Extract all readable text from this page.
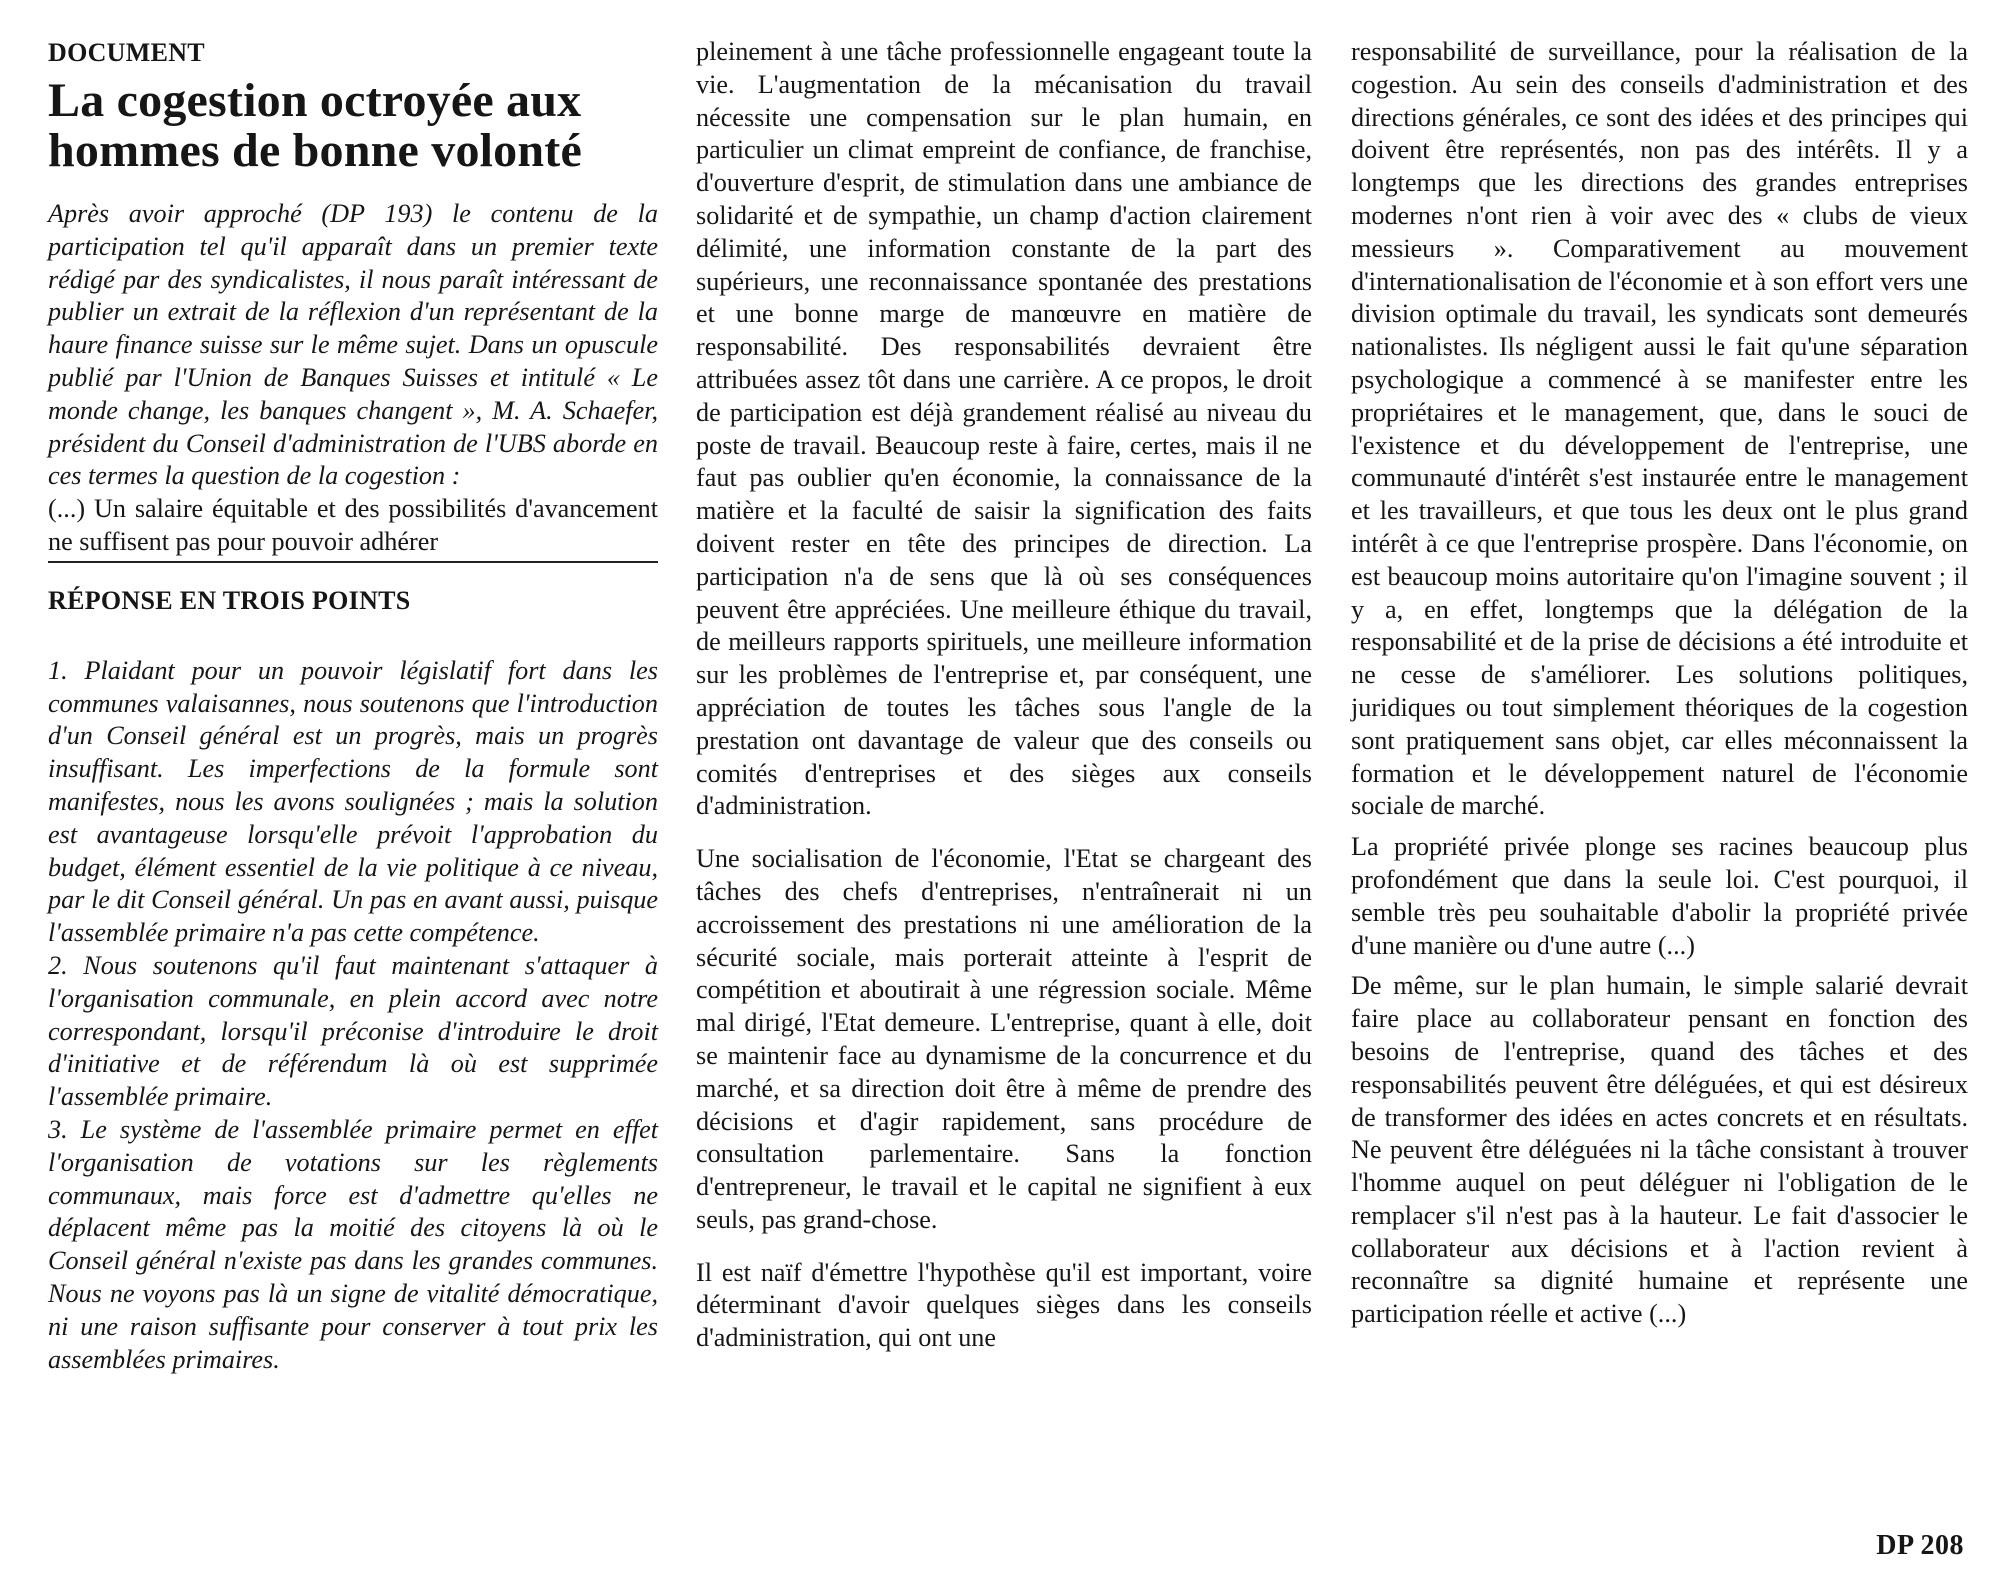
DOCUMENT
La cogestion octroyée aux hommes de bonne volonté

Après avoir approché (DP 193) le contenu de la participation tel qu'il apparaît dans un premier texte rédigé par des syndicalistes, il nous paraît intéressant de publier un extrait de la réflexion d'un représentant de la haure finance suisse sur le même sujet. Dans un opuscule publié par l'Union de Banques Suisses et intitulé « Le monde change, les banques changent », M. A. Schaefer, président du Conseil d'administration de l'UBS aborde en ces termes la question de la cogestion :

(...) Un salaire équitable et des possibilités d'avancement ne suffisent pas pour pouvoir adhérer

RÉPONSE EN TROIS POINTS

1. Plaidant pour un pouvoir législatif fort dans les communes valaisannes, nous soutenons que l'introduction d'un Conseil général est un progrès, mais un progrès insuffisant. Les imperfections de la formule sont manifestes, nous les avons soulignées ; mais la solution est avantageuse lorsqu'elle prévoit l'approbation du budget, élément essentiel de la vie politique à ce niveau, par le dit Conseil général. Un pas en avant aussi, puisque l'assemblée primaire n'a pas cette compétence.

2. Nous soutenons qu'il faut maintenant s'attaquer à l'organisation communale, en plein accord avec notre correspondant, lorsqu'il préconise d'introduire le droit d'initiative et de référendum là où est supprimée l'assemblée primaire.

3. Le système de l'assemblée primaire permet en effet l'organisation de votations sur les règlements communaux, mais force est d'admettre qu'elles ne déplacent même pas la moitié des citoyens là où le Conseil général n'existe pas dans les grandes communes. Nous ne voyons pas là un signe de vitalité démocratique, ni une raison suffisante pour conserver à tout prix les assemblées primaires.

pleinement à une tâche professionnelle engageant toute la vie. L'augmentation de la mécanisation du travail nécessite une compensation sur le plan humain, en particulier un climat empreint de confiance, de franchise, d'ouverture d'esprit, de stimulation dans une ambiance de solidarité et de sympathie, un champ d'action clairement délimité, une information constante de la part des supérieurs, une reconnaissance spontanée des prestations et une bonne marge de manœuvre en matière de responsabilité. Des responsabilités devraient être attribuées assez tôt dans une carrière. A ce propos, le droit de participation est déjà grandement réalisé au niveau du poste de travail. Beaucoup reste à faire, certes, mais il ne faut pas oublier qu'en économie, la connaissance de la matière et la faculté de saisir la signification des faits doivent rester en tête des principes de direction. La participation n'a de sens que là où ses conséquences peuvent être appréciées. Une meilleure éthique du travail, de meilleurs rapports spirituels, une meilleure information sur les problèmes de l'entreprise et, par conséquent, une appréciation de toutes les tâches sous l'angle de la prestation ont davantage de valeur que des conseils ou comités d'entreprises et des sièges aux conseils d'administration.

Une socialisation de l'économie, l'Etat se chargeant des tâches des chefs d'entreprises, n'entraînerait ni un accroissement des prestations ni une amélioration de la sécurité sociale, mais porterait atteinte à l'esprit de compétition et aboutirait à une régression sociale. Même mal dirigé, l'Etat demeure. L'entreprise, quant à elle, doit se maintenir face au dynamisme de la concurrence et du marché, et sa direction doit être à même de prendre des décisions et d'agir rapidement, sans procédure de consultation parlementaire. Sans la fonction d'entrepreneur, le travail et le capital ne signifient à eux seuls, pas grand-chose.

Il est naïf d'émettre l'hypothèse qu'il est important, voire déterminant d'avoir quelques sièges dans les conseils d'administration, qui ont une

responsabilité de surveillance, pour la réalisation de la cogestion. Au sein des conseils d'administration et des directions générales, ce sont des idées et des principes qui doivent être représentés, non pas des intérêts. Il y a longtemps que les directions des grandes entreprises modernes n'ont rien à voir avec des « clubs de vieux messieurs ». Comparativement au mouvement d'internationalisation de l'économie et à son effort vers une division optimale du travail, les syndicats sont demeurés nationalistes. Ils négligent aussi le fait qu'une séparation psychologique a commencé à se manifester entre les propriétaires et le management, que, dans le souci de l'existence et du développement de l'entreprise, une communauté d'intérêt s'est instaurée entre le management et les travailleurs, et que tous les deux ont le plus grand intérêt à ce que l'entreprise prospère. Dans l'économie, on est beaucoup moins autoritaire qu'on l'imagine souvent ; il y a, en effet, longtemps que la délégation de la responsabilité et de la prise de décisions a été introduite et ne cesse de s'améliorer. Les solutions politiques, juridiques ou tout simplement théoriques de la cogestion sont pratiquement sans objet, car elles méconnaissent la formation et le développement naturel de l'économie sociale de marché.

La propriété privée plonge ses racines beaucoup plus profondément que dans la seule loi. C'est pourquoi, il semble très peu souhaitable d'abolir la propriété privée d'une manière ou d'une autre (...)

De même, sur le plan humain, le simple salarié devrait faire place au collaborateur pensant en fonction des besoins de l'entreprise, quand des tâches et des responsabilités peuvent être déléguées, et qui est désireux de transformer des idées en actes concrets et en résultats. Ne peuvent être déléguées ni la tâche consistant à trouver l'homme auquel on peut déléguer ni l'obligation de le remplacer s'il n'est pas à la hauteur. Le fait d'associer le collaborateur aux décisions et à l'action revient à reconnaître sa dignité humaine et représente une participation réelle et active (...)

DP 208
